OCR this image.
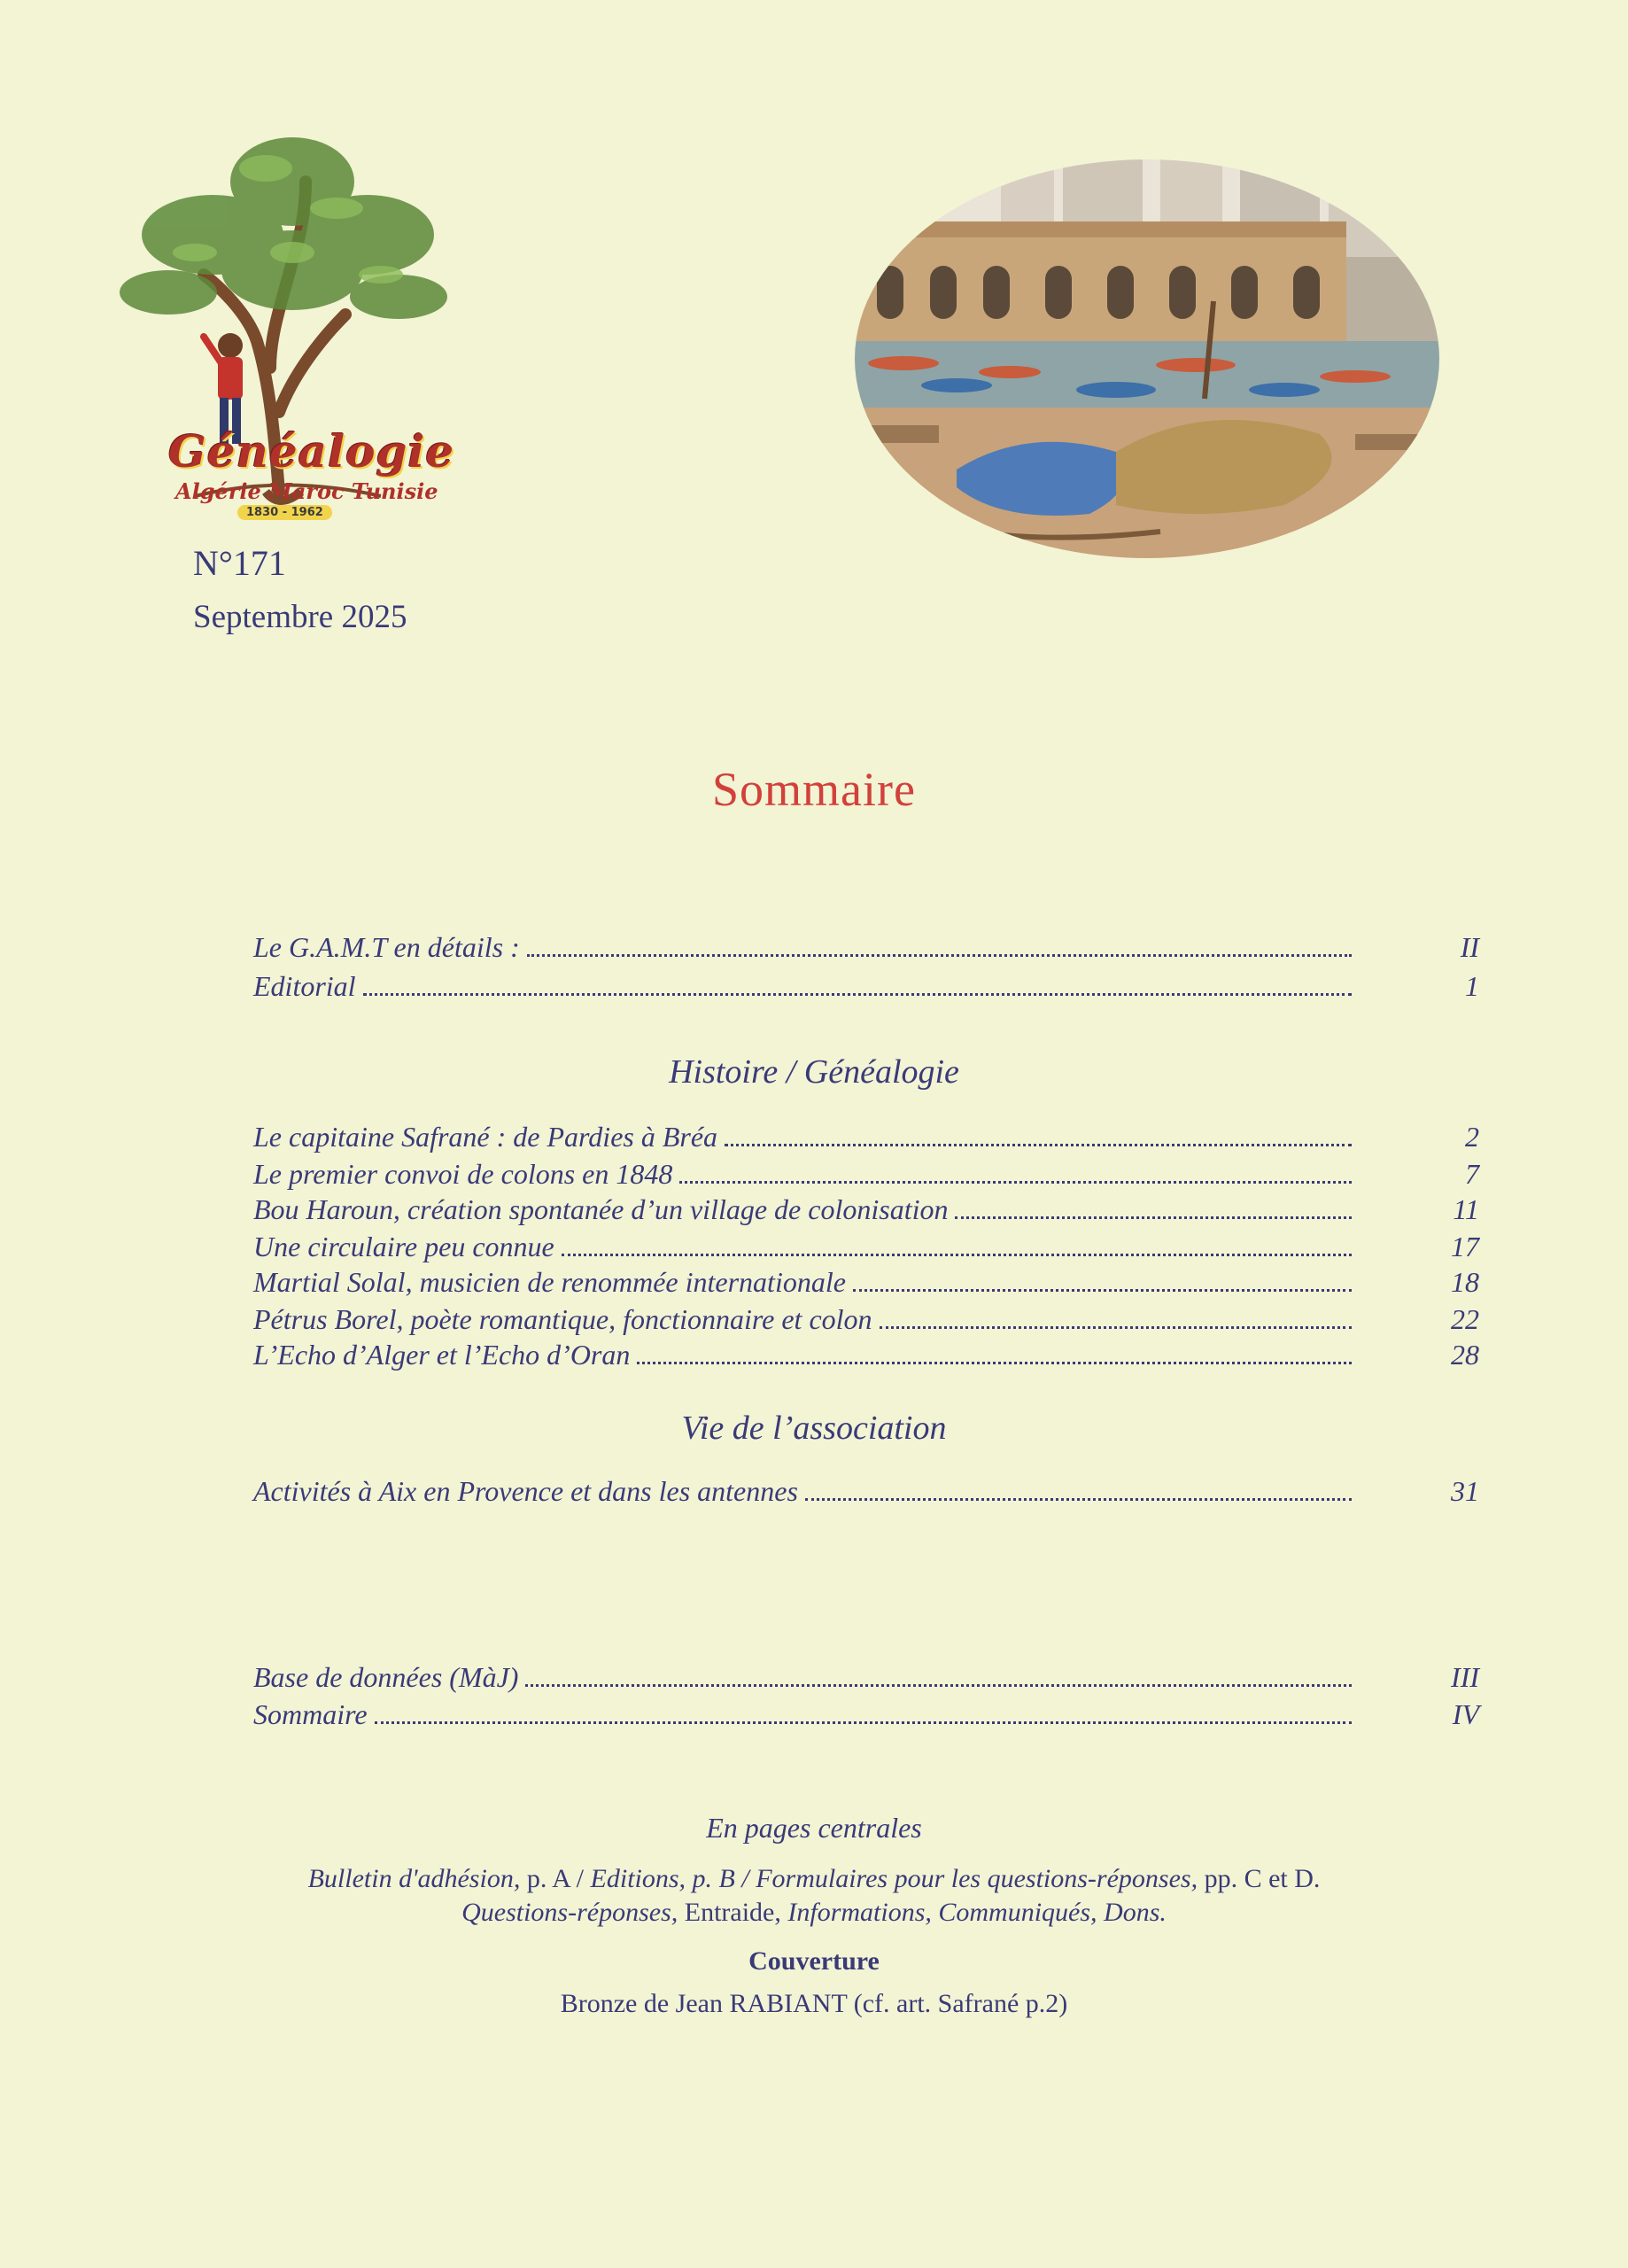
Généalogie
Algérie Maroc Tunisie
1830 - 1962
N°171
Septembre 2025
Sommaire
Le G.A.M.T en détails :	II
Editorial	1
Histoire / Généalogie
Le capitaine Safrané : de Pardies à Bréa	2
Le premier convoi de colons en 1848	7
Bou Haroun, création spontanée d’un village de colonisation	11
Une circulaire peu connue	17
Martial Solal, musicien de renommée internationale	18
Pétrus Borel, poète romantique, fonctionnaire et colon	22
L’Echo d’Alger et l’Echo d’Oran	28
Vie de l’association
Activités à Aix en Provence et dans les antennes	31
Base de données (MàJ)	III
Sommaire	IV
En pages centrales
Bulletin d'adhésion, p. A / Editions, p. B / Formulaires pour les questions-réponses, pp. C et D.
Questions-réponses, Entraide, Informations, Communiqués, Dons.
Couverture
Bronze de Jean RABIANT (cf. art. Safrané p.2)
